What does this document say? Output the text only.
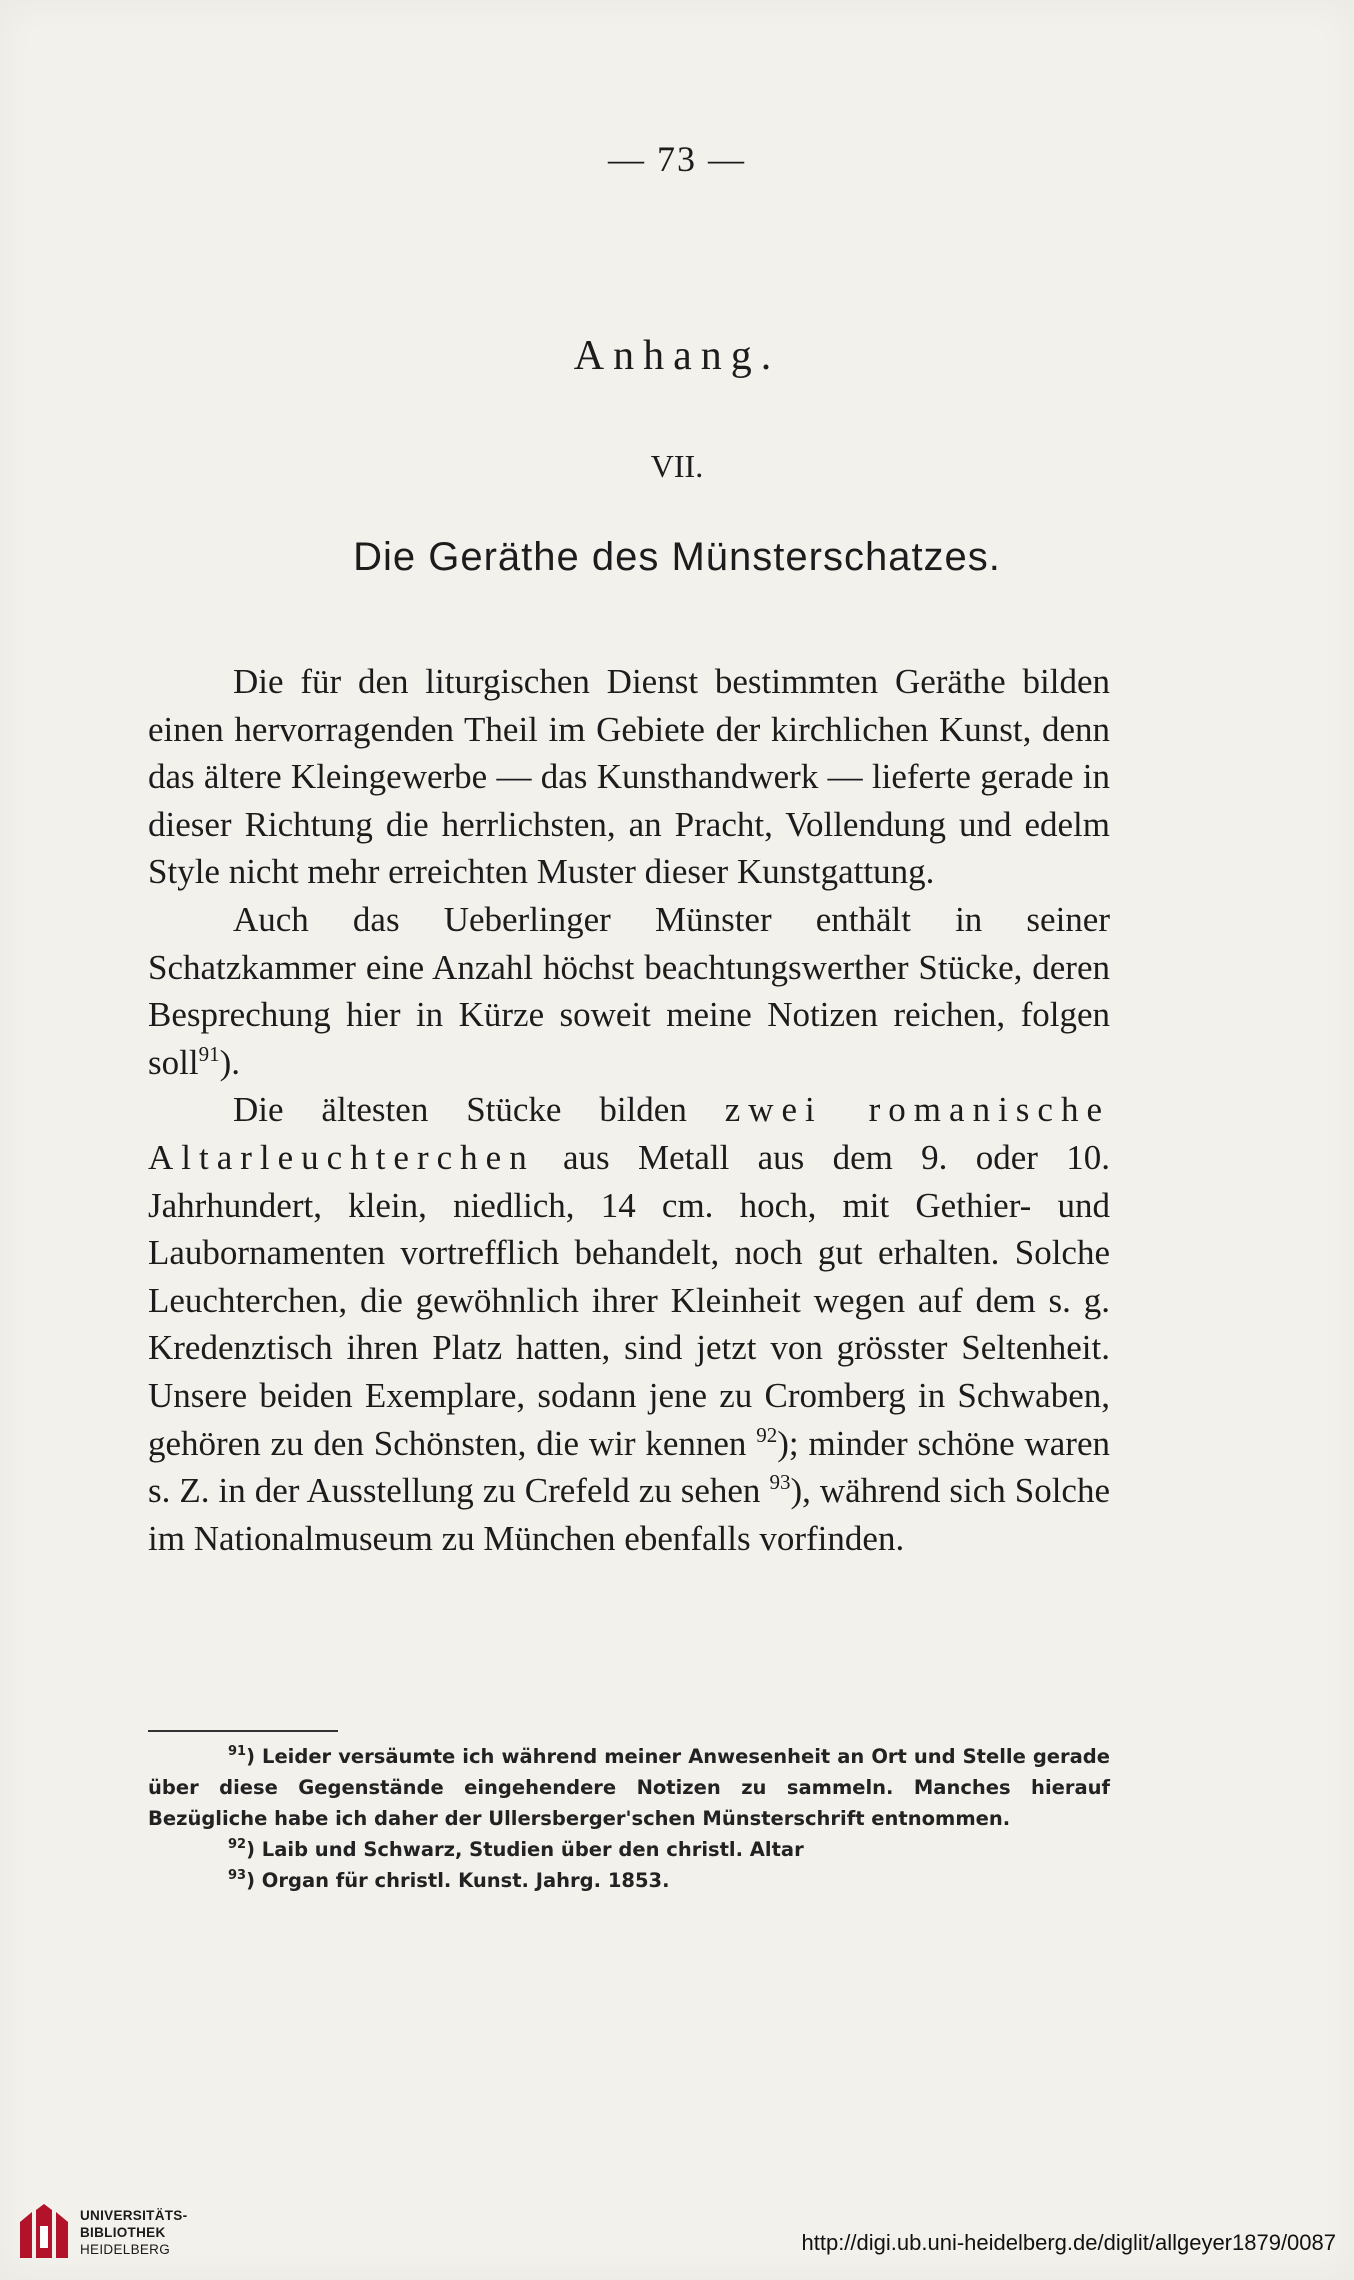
— 73 —
Anhang.
VII.
Die Geräthe des Münsterschatzes.

Die für den liturgischen Dienst bestimmten Geräthe bilden einen hervorragenden Theil im Gebiete der kirchlichen Kunst, denn das ältere Kleingewerbe — das Kunsthandwerk — lieferte gerade in dieser Richtung die herrlichsten, an Pracht, Vollendung und edelm Style nicht mehr erreichten Muster dieser Kunstgattung.

Auch das Ueberlinger Münster enthält in seiner Schatzkammer eine Anzahl höchst beachtungswerther Stücke, deren Besprechung hier in Kürze soweit meine Notizen reichen, folgen soll$^{91}$).

Die ältesten Stücke bilden zwei romanische Altarleuchterchen aus Metall aus dem 9. oder 10. Jahrhundert, klein, niedlich, 14 cm. hoch, mit Gethier- und Laubornamenten vortrefflich behandelt, noch gut erhalten. Solche Leuchterchen, die gewöhnlich ihrer Kleinheit wegen auf dem s. g. Kredenztisch ihren Platz hatten, sind jetzt von grösster Seltenheit. Unsere beiden Exemplare, sodann jene zu Cromberg in Schwaben, gehören zu den Schönsten, die wir kennen $^{92}$); minder schöne waren s. Z. in der Ausstellung zu Crefeld zu sehen $^{93}$), während sich Solche im Nationalmuseum zu München ebenfalls vorfinden.

$^{91}$) Leider versäumte ich während meiner Anwesenheit an Ort und Stelle gerade über diese Gegenstände eingehendere Notizen zu sammeln. Manches hierauf Bezügliche habe ich daher der Ullersberger'schen Münsterschrift entnommen.

$^{92}$) Laib und Schwarz, Studien über den christl. Altar

$^{93}$) Organ für christl. Kunst. Jahrg. 1853.

UNIVERSITÄTS-
BIBLIOTHEK
HEIDELBERG	http://digi.ub.uni-heidelberg.de/diglit/allgeyer1879/0087
